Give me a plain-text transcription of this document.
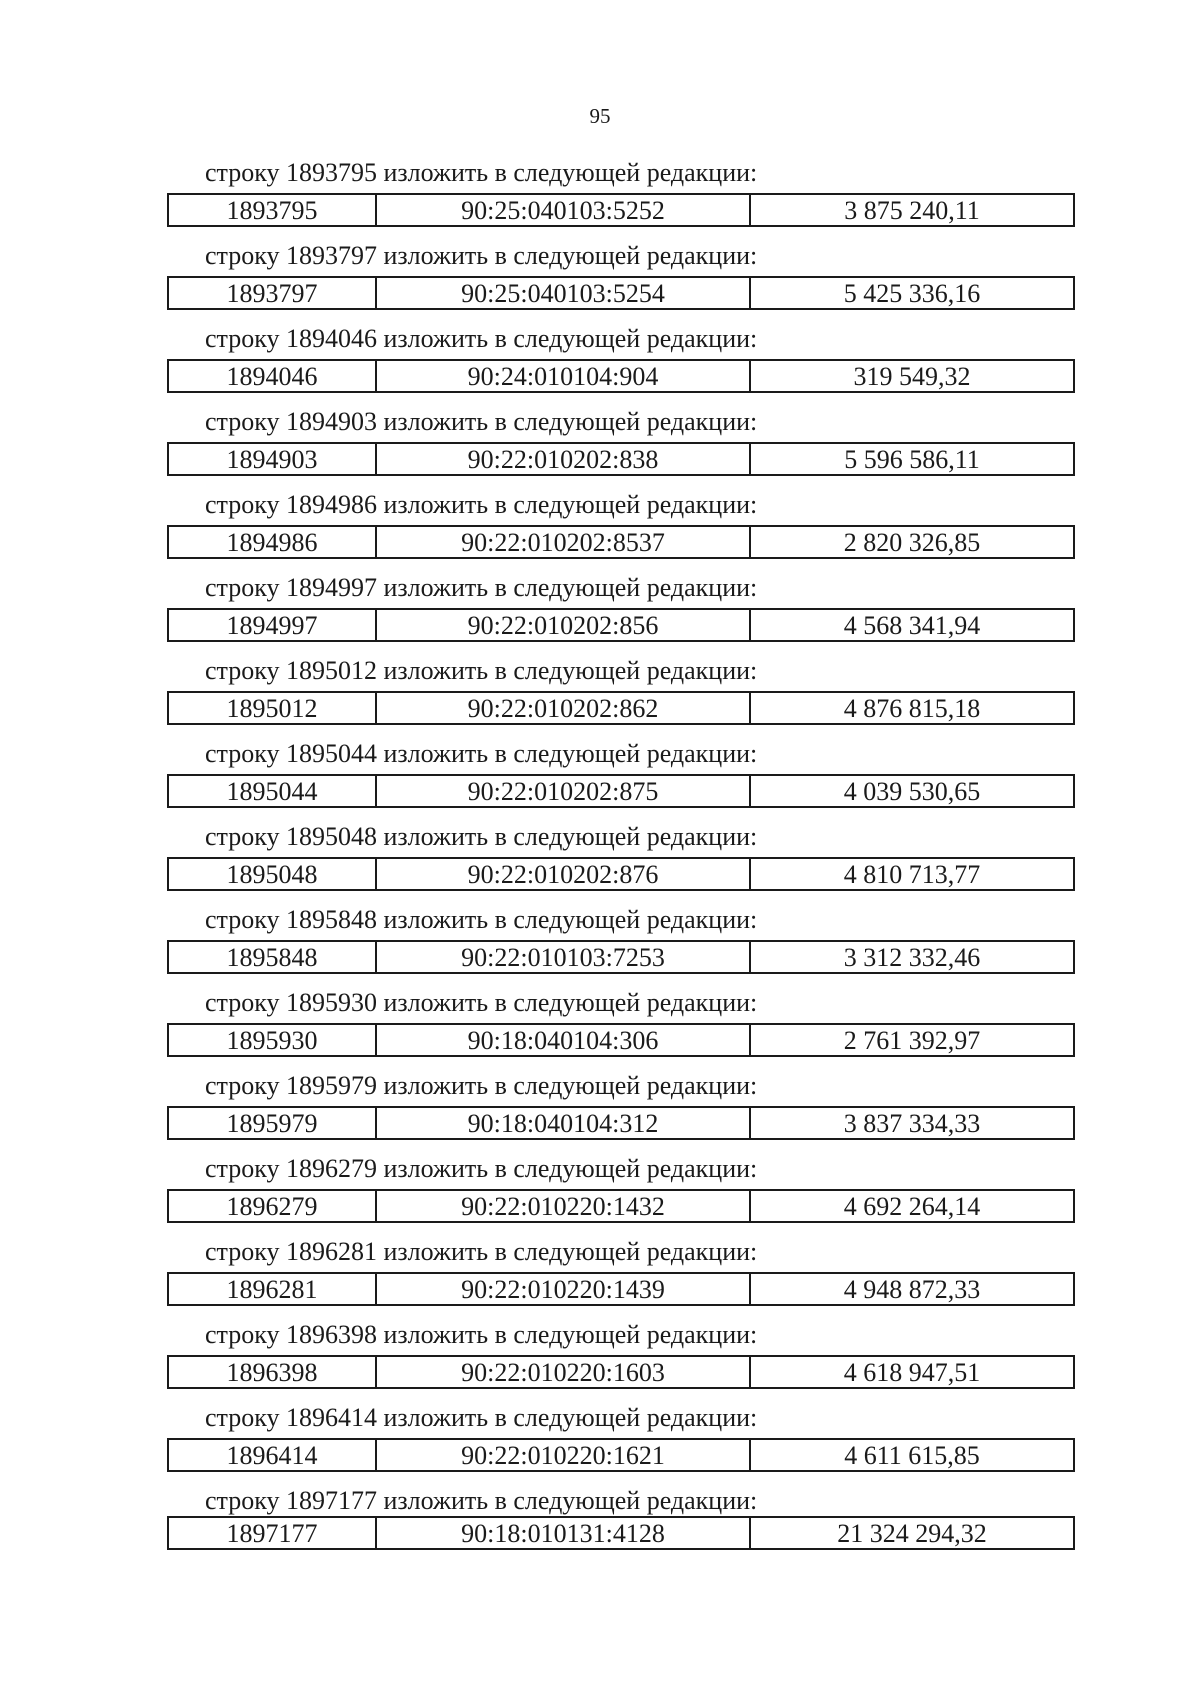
95
строку 1893795 изложить в следующей редакции:
1893795	90:25:040103:5252	3 875 240,11
строку 1893797 изложить в следующей редакции:
1893797	90:25:040103:5254	5 425 336,16
строку 1894046 изложить в следующей редакции:
1894046	90:24:010104:904	319 549,32
строку 1894903 изложить в следующей редакции:
1894903	90:22:010202:838	5 596 586,11
строку 1894986 изложить в следующей редакции:
1894986	90:22:010202:8537	2 820 326,85
строку 1894997 изложить в следующей редакции:
1894997	90:22:010202:856	4 568 341,94
строку 1895012 изложить в следующей редакции:
1895012	90:22:010202:862	4 876 815,18
строку 1895044 изложить в следующей редакции:
1895044	90:22:010202:875	4 039 530,65
строку 1895048 изложить в следующей редакции:
1895048	90:22:010202:876	4 810 713,77
строку 1895848 изложить в следующей редакции:
1895848	90:22:010103:7253	3 312 332,46
строку 1895930 изложить в следующей редакции:
1895930	90:18:040104:306	2 761 392,97
строку 1895979 изложить в следующей редакции:
1895979	90:18:040104:312	3 837 334,33
строку 1896279 изложить в следующей редакции:
1896279	90:22:010220:1432	4 692 264,14
строку 1896281 изложить в следующей редакции:
1896281	90:22:010220:1439	4 948 872,33
строку 1896398 изложить в следующей редакции:
1896398	90:22:010220:1603	4 618 947,51
строку 1896414 изложить в следующей редакции:
1896414	90:22:010220:1621	4 611 615,85
строку 1897177 изложить в следующей редакции:
1897177	90:18:010131:4128	21 324 294,32
